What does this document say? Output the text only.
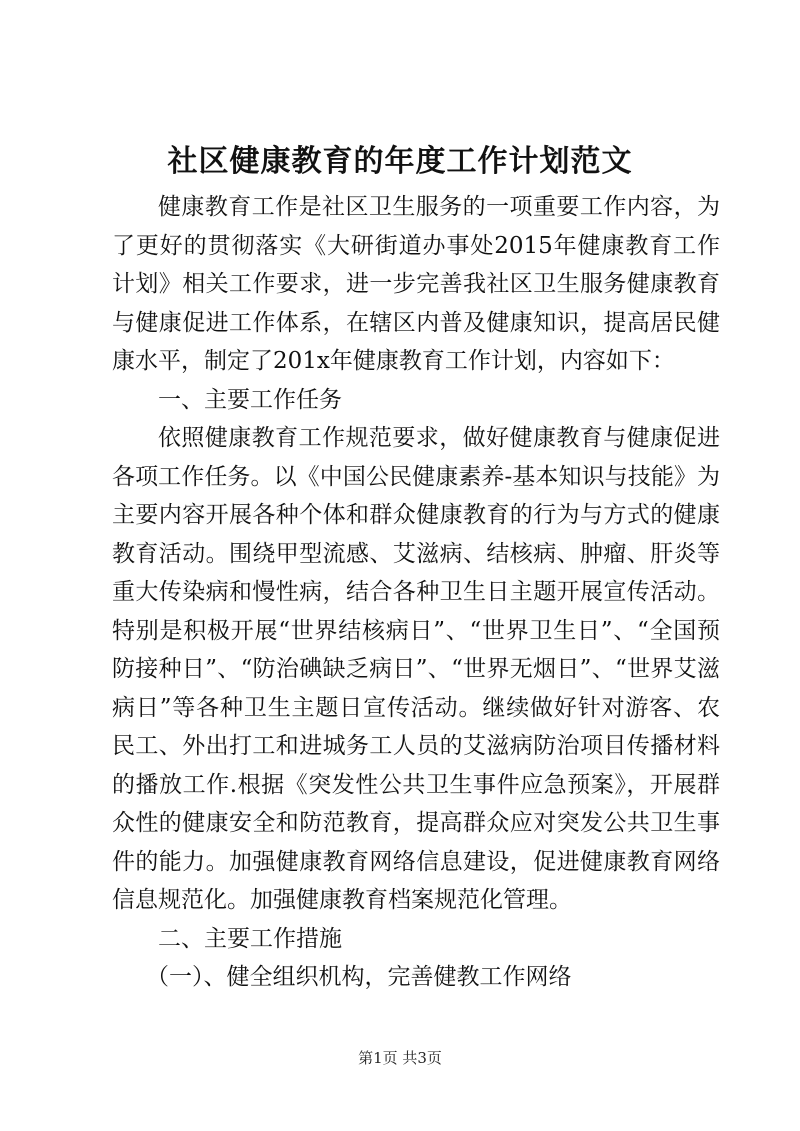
社区健康教育的年度工作计划范文

健康教育工作是社区卫生服务的一项重要工作内容，为了更好的贯彻落实《大研街道办事处2015年健康教育工作计划》相关工作要求，进一步完善我社区卫生服务健康教育与健康促进工作体系，在辖区内普及健康知识，提高居民健康水平，制定了201x年健康教育工作计划，内容如下：

一、主要工作任务

依照健康教育工作规范要求，做好健康教育与健康促进各项工作任务。以《中国公民健康素养-基本知识与技能》为主要内容开展各种个体和群众健康教育的行为与方式的健康教育活动。围绕甲型流感、艾滋病、结核病、肿瘤、肝炎等重大传染病和慢性病，结合各种卫生日主题开展宣传活动。特别是积极开展“世界结核病日”、“世界卫生日”、“全国预防接种日”、“防治碘缺乏病日”、“世界无烟日”、“世界艾滋病日”等各种卫生主题日宣传活动。继续做好针对游客、农民工、外出打工和进城务工人员的艾滋病防治项目传播材料的播放工作.根据《突发性公共卫生事件应急预案》，开展群众性的健康安全和防范教育，提高群众应对突发公共卫生事件的能力。加强健康教育网络信息建设，促进健康教育网络信息规范化。加强健康教育档案规范化管理。

二、主要工作措施

（一）、健全组织机构，完善健教工作网络

第1页 共3页
